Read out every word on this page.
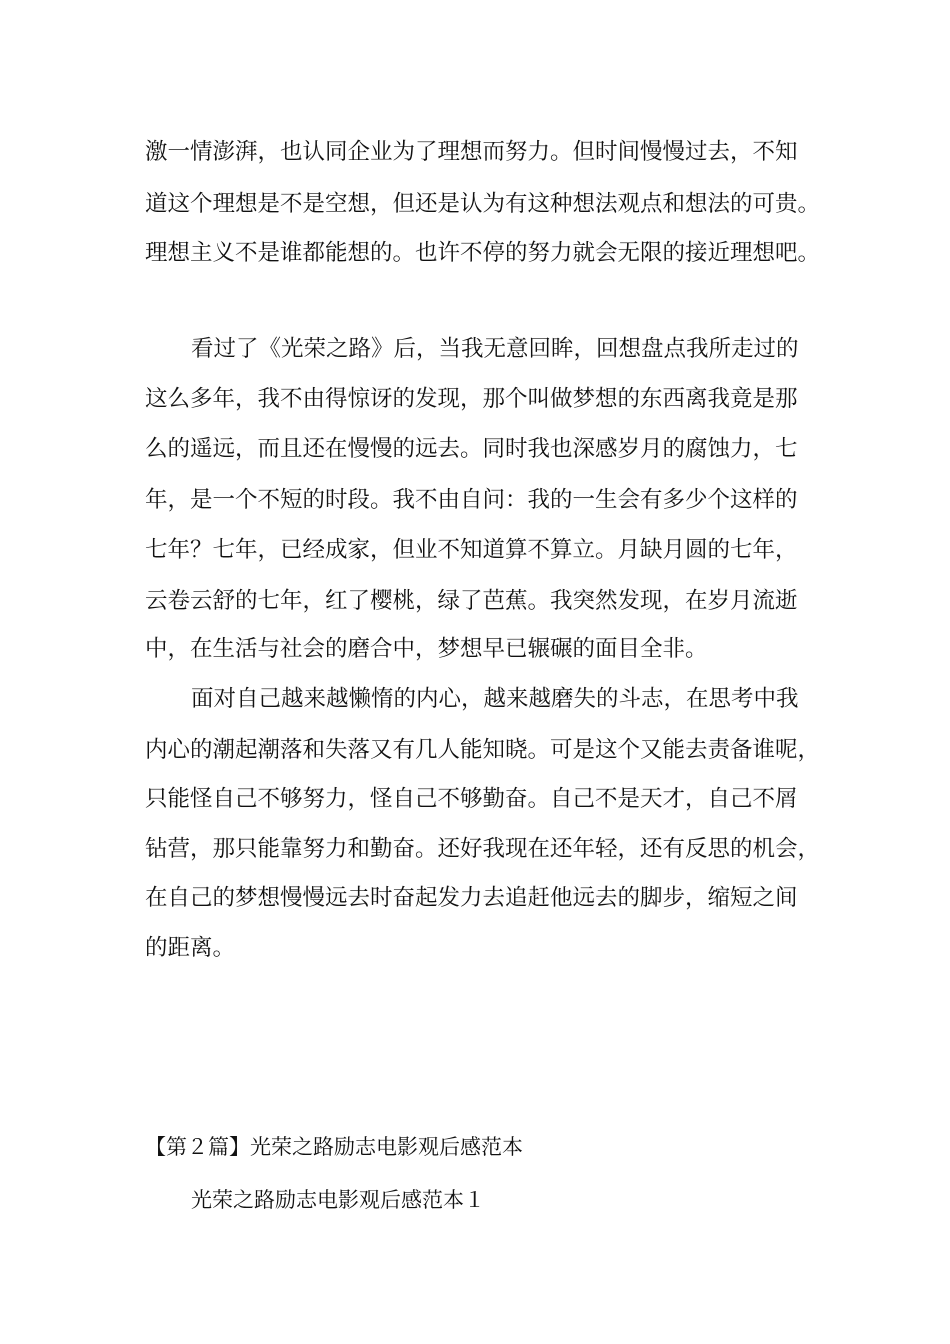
激一情澎湃，也认同企业为了理想而努力。但时间慢慢过去，不知
道这个理想是不是空想，但还是认为有这种想法观点和想法的可贵。
理想主义不是谁都能想的。也许不停的努力就会无限的接近理想吧。
看过了《光荣之路》后，当我无意回眸，回想盘点我所走过的
这么多年，我不由得惊讶的发现，那个叫做梦想的东西离我竟是那
么的遥远，而且还在慢慢的远去。同时我也深感岁月的腐蚀力，七
年，是一个不短的时段。我不由自问：我的一生会有多少个这样的
七年？七年，已经成家，但业不知道算不算立。月缺月圆的七年，
云卷云舒的七年，红了樱桃，绿了芭蕉。我突然发现，在岁月流逝
中，在生活与社会的磨合中，梦想早已辗碾的面目全非。
面对自己越来越懒惰的内心，越来越磨失的斗志，在思考中我
内心的潮起潮落和失落又有几人能知晓。可是这个又能去责备谁呢，
只能怪自己不够努力，怪自己不够勤奋。自己不是天才，自己不屑
钻营，那只能靠努力和勤奋。还好我现在还年轻，还有反思的机会，
在自己的梦想慢慢远去时奋起发力去追赶他远去的脚步，缩短之间
的距离。
【第２篇】光荣之路励志电影观后感范本
光荣之路励志电影观后感范本１
